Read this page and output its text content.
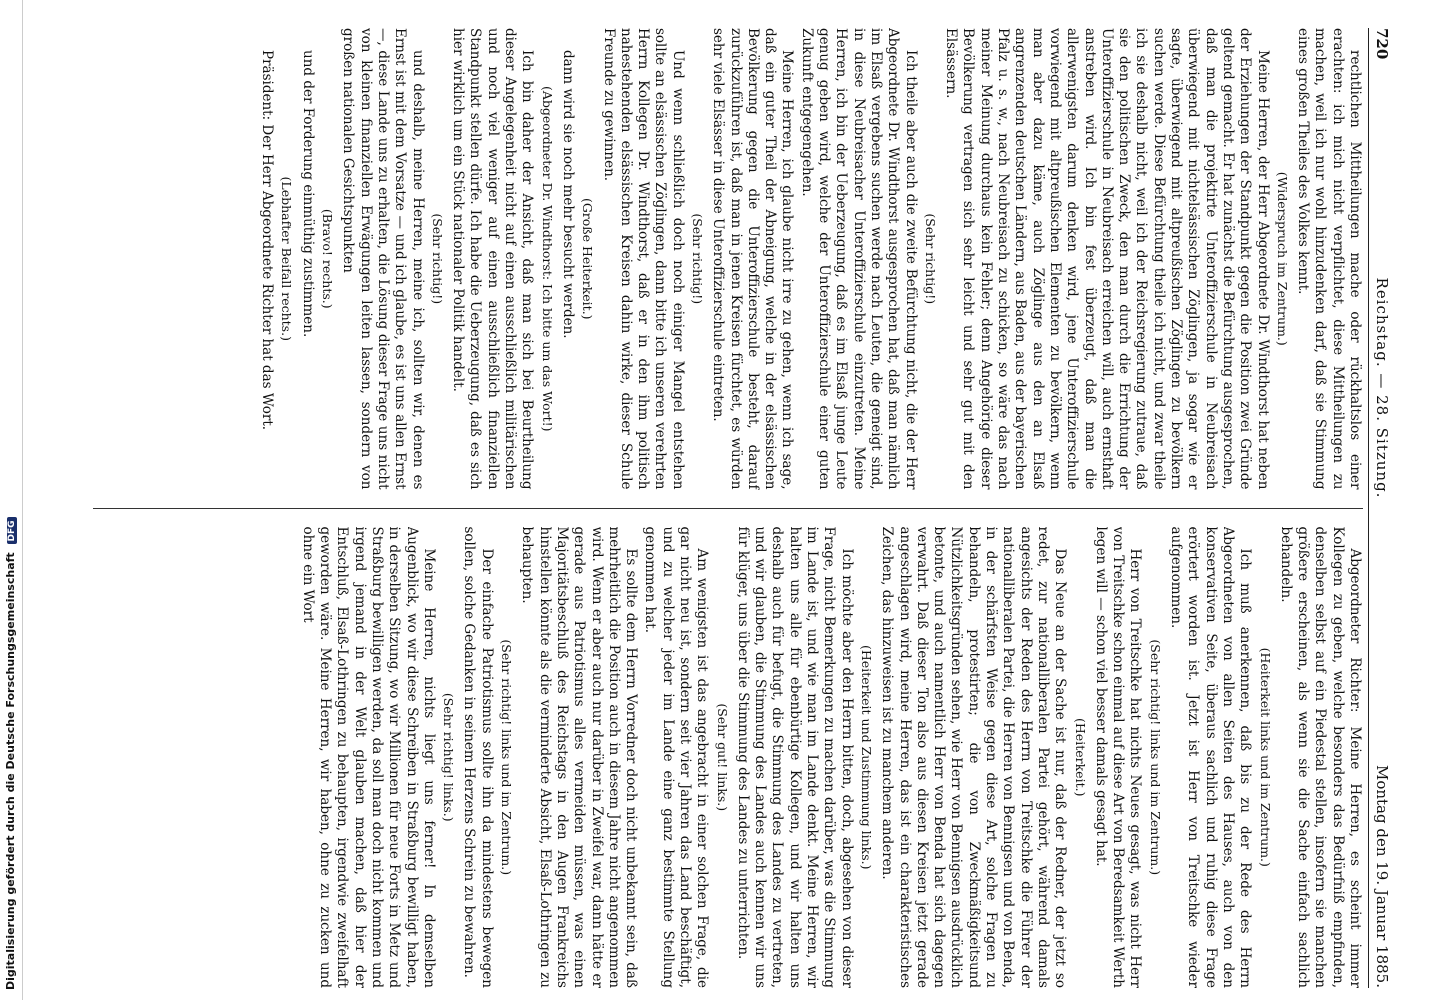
Digitalisierung gefördert durch die Deutsche Forschungsgemeinschaft DFG
720
Reichstag. — 28. Sitzung.
Montag den 19. Januar 1885.

rechtlichen Mittheilungen mache oder rückhaltslos einer erachten: ich mich nicht verpflichtet, diese Mittheilungen zu machen, weil ich nur wohl hinzudenken darf, daß sie Stimmung eines großen Theiles des Volkes kennt.

(Widerspruch im Zentrum.)

Meine Herren, der Herr Abgeordnete Dr. Windthorst hat neben der Erziehungen der Standpunkt gegen die Position zwei Gründe geltend gemacht. Er hat zunächst die Befürchtung ausgesprochen, daß man die projektirte Unteroffizierschule in Neubreisach überwiegend mit nichtelsässischen Zöglingen, ja sogar wie er sagte, überwiegend mit altpreußischen Zöglingen zu bevölkern suchen werde. Diese Befürchtung theile ich nicht, und zwar theile ich sie deshalb nicht, weil ich der Reichsregierung zutraue, daß sie den politischen Zweck, den man durch die Errichtung der Unteroffizierschule in Neubreisach erreichen will, auch ernsthaft anstreben wird. Ich bin fest überzeugt, daß man die allerwenigsten darum denken wird, jene Unteroffizierschule vorwiegend mit altpreußischen Elementen zu bevölkern, wenn man aber dazu käme, auch Zöglinge aus den an Elsaß angrenzenden deutschen Ländern, aus Baden, aus der bayerischen Pfalz u. s. w., nach Neubreisach zu schicken, so wäre das nach meiner Meinung durchaus kein Fehler; denn Angehörige dieser Bevölkerung vertragen sich sehr leicht und sehr gut mit den Elsässern.

(Sehr richtig!)

Ich theile aber auch die zweite Befürchtung nicht, die der Herr Abgeordnete Dr. Windthorst ausgesprochen hat, daß man nämlich im Elsaß vergebens suchen werde nach Leuten, die geneigt sind, in diese Neubreisacher Unteroffizierschule einzutreten. Meine Herren, ich bin der Ueberzeugung, daß es im Elsaß junge Leute genug geben wird, welche der Unteroffizierschule einer guten Zukunft entgegengehen.

Meine Herren, ich glaube nicht irre zu gehen, wenn ich sage, daß ein guter Theil der Abneigung, welche in der elsässischen Bevölkerung gegen die Unteroffizierschule besteht, darauf zurückzuführen ist, daß man in jenen Kreisen fürchtet, es würden sehr viele Elsässer in diese Unteroffizierschule eintreten.

(Sehr richtig!)

Und wenn schließlich doch noch einiger Mangel entstehen sollte an elsässischen Zöglingen, dann bitte ich unseren verehrten Herrn Kollegen Dr. Windthorst, daß er in den ihm politisch nahestehenden elsässischen Kreisen dahin wirke, dieser Schule Freunde zu gewinnen.

(Große Heiterkeit.)

dann wird sie noch mehr besucht werden.

(Abgeordneter Dr. Windthorst: Ich bitte um das Wort!)

Ich bin daher der Ansicht, daß man sich bei Beurtheilung dieser Angelegenheit nicht auf einen ausschließlich militärischen und noch viel weniger auf einen ausschließlich finanziellen Standpunkt stellen dürfe. Ich habe die Ueberzeugung, daß es sich hier wirklich um ein Stück nationaler Politik handelt.

(Sehr richtig!)

und deshalb, meine Herren, meine ich, sollten wir, denen es Ernst ist mit dem Vorsatze — und ich glaube, es ist uns allen Ernst —, diese Lande uns zu erhalten, die Lösung dieser Frage uns nicht von kleinen finanziellen Erwägungen leiten lassen, sondern von großen nationalen Gesichtspunkten

(Bravo! rechts.)

und der Forderung einmüthig zustimmen.

(Lebhafter Beifall rechts.)

Präsident: Der Herr Abgeordnete Richter hat das Wort.

Abgeordneter Richter: Meine Herren, es scheint immer Kollegen zu geben, welche besonders das Bedürfniß empfinden, denselben selbst auf ein Piedestal stellen, insofern sie manchen größere erscheinen, als wenn sie die Sache einfach sachlich behandeln.

(Heiterkeit links und im Zentrum.)

Ich muß anerkennen, daß bis zu der Rede des Herrn Abgeordneten von allen Seiten des Hauses, auch von den konservativen Seite, überaus sachlich und ruhig diese Frage erörtert worden ist. Jetzt ist Herr von Treitschke wieder aufgenommen.

(Sehr richtig! links und im Zentrum.)

Herr von Treitschke hat nichts Neues gesagt, was nicht Herr von Treitschke schon einmal auf diese Art von Beredsamkeit Werth legen will — schon viel besser damals gesagt hat.

(Heiterkeit.)

Das Neue an der Sache ist nur, daß der Redner, der jetzt so redet, zur nationalliberalen Partei gehört, während damals angesichts der Reden des Herrn von Treitschke die Führer der nationalliberalen Partei, die Herren von Bennigsen und von Benda, in der schärfsten Weise gegen diese Art, solche Fragen zu behandeln, protestirten; die von Zweckmäßigkeitsund Nützlichkeitsgründen sehen, wie Herr von Bennigsen ausdrücklich betonte, und auch namentlich Herr von Benda hat sich dagegen verwahrt. Daß dieser Ton also aus diesen Kreisen jetzt gerade angeschlagen wird, meine Herren, das ist ein charakteristisches Zeichen, das hinzuweisen ist zu manchem anderen.

(Heiterkeit und Zustimmung links.)

Ich möchte aber den Herrn bitten, doch, abgesehen von dieser Frage, nicht Bemerkungen zu machen darüber, was die Stimmung im Lande ist, und wie man im Lande denkt. Meine Herren, wir halten uns alle für ebenbürtige Kollegen, und wir halten uns deshalb auch für befugt, die Stimmung des Landes zu vertreten, und wir glauben, die Stimmung des Landes auch kennen wir uns für klüger, uns über die Stimmung des Landes zu unterrichten.

(Sehr gut! links.)

Am wenigsten ist das angebracht in einer solchen Frage, die gar nicht neu ist, sondern seit vier Jahren das Land beschäftigt, und zu welcher jeder im Lande eine ganz bestimmte Stellung genommen hat.

Es sollte dem Herrn Vorredner doch nicht unbekannt sein, daß mehrheitlich die Position auch in diesem Jahre nicht angenommen wird. Wenn er aber auch nur darüber in Zweifel war, dann hätte er gerade aus Patriotismus alles vermeiden müssen, was einen Majoritätsbeschluß des Reichstags in den Augen Frankreichs hinstellen könnte als die verminderte Absicht, Elsaß-Lothringen zu behaupten.

(Sehr richtig! links und im Zentrum.)

Der einfache Patriotismus sollte ihn da mindestens bewegen sollen, solche Gedanken in seinem Herzens Schrein zu bewahren.

(Sehr richtig! links.)

Meine Herren, nichts liegt uns ferner! In demselben Augenblick, wo wir diese Schreiben in Straßburg bewilligt haben, in derselben Sitzung, wo wir Millionen für neue Forts in Metz und Straßburg bewilligen werden, da soll man doch nicht kommen und irgend jemand in der Welt glauben machen, daß hier der Entschluß, Elsaß-Lothringen zu behaupten, irgendwie zweifelhaft geworden wäre. Meine Herren, wir haben, ohne zu zucken und ohne ein Wort
